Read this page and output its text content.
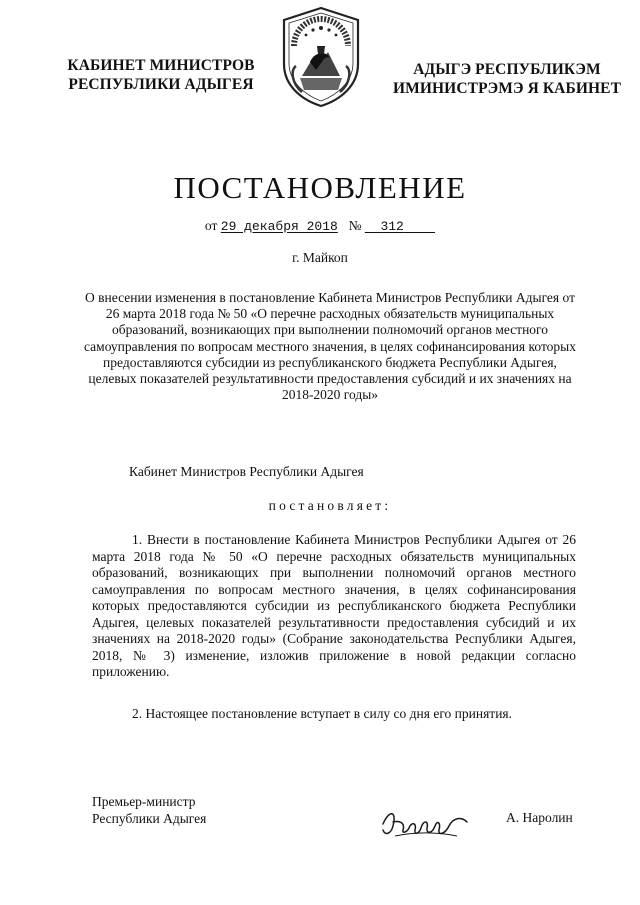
КАБИНЕТ МИНИСТРОВ
РЕСПУБЛИКИ АДЫГЕЯ
АДЫГЭ РЕСПУБЛИКЭМ
ИМИНИСТРЭМЭ Я КАБИНЕТ
ПОСТАНОВЛЕНИЕ
от 29 декабря 2018 № 312
г. Майкоп
О внесении изменения в постановление Кабинета Министров Республики Адыгея от 26 марта 2018 года № 50 «О перечне расходных обязательств муниципальных образований, возникающих при выполнении полномочий органов местного самоуправления по вопросам местного значения, в целях софинансирования которых предоставляются субсидии из республиканского бюджета Республики Адыгея, целевых показателей результативности предоставления субсидий и их значениях на 2018-2020 годы»
Кабинет Министров Республики Адыгея
постановляет:
1. Внести в постановление Кабинета Министров Республики Адыгея от 26 марта 2018 года № 50 «О перечне расходных обязательств муниципальных образований, возникающих при выполнении полномочий органов местного самоуправления по вопросам местного значения, в целях софинансирования которых предоставляются субсидии из республиканского бюджета Республики Адыгея, целевых показателей результативности предоставления субсидий и их значениях на 2018-2020 годы» (Собрание законодательства Республики Адыгея, 2018, № 3) изменение, изложив приложение в новой редакции согласно приложению.
2. Настоящее постановление вступает в силу со дня его принятия.
Премьер-министр
Республики Адыгея	А. Наролин
